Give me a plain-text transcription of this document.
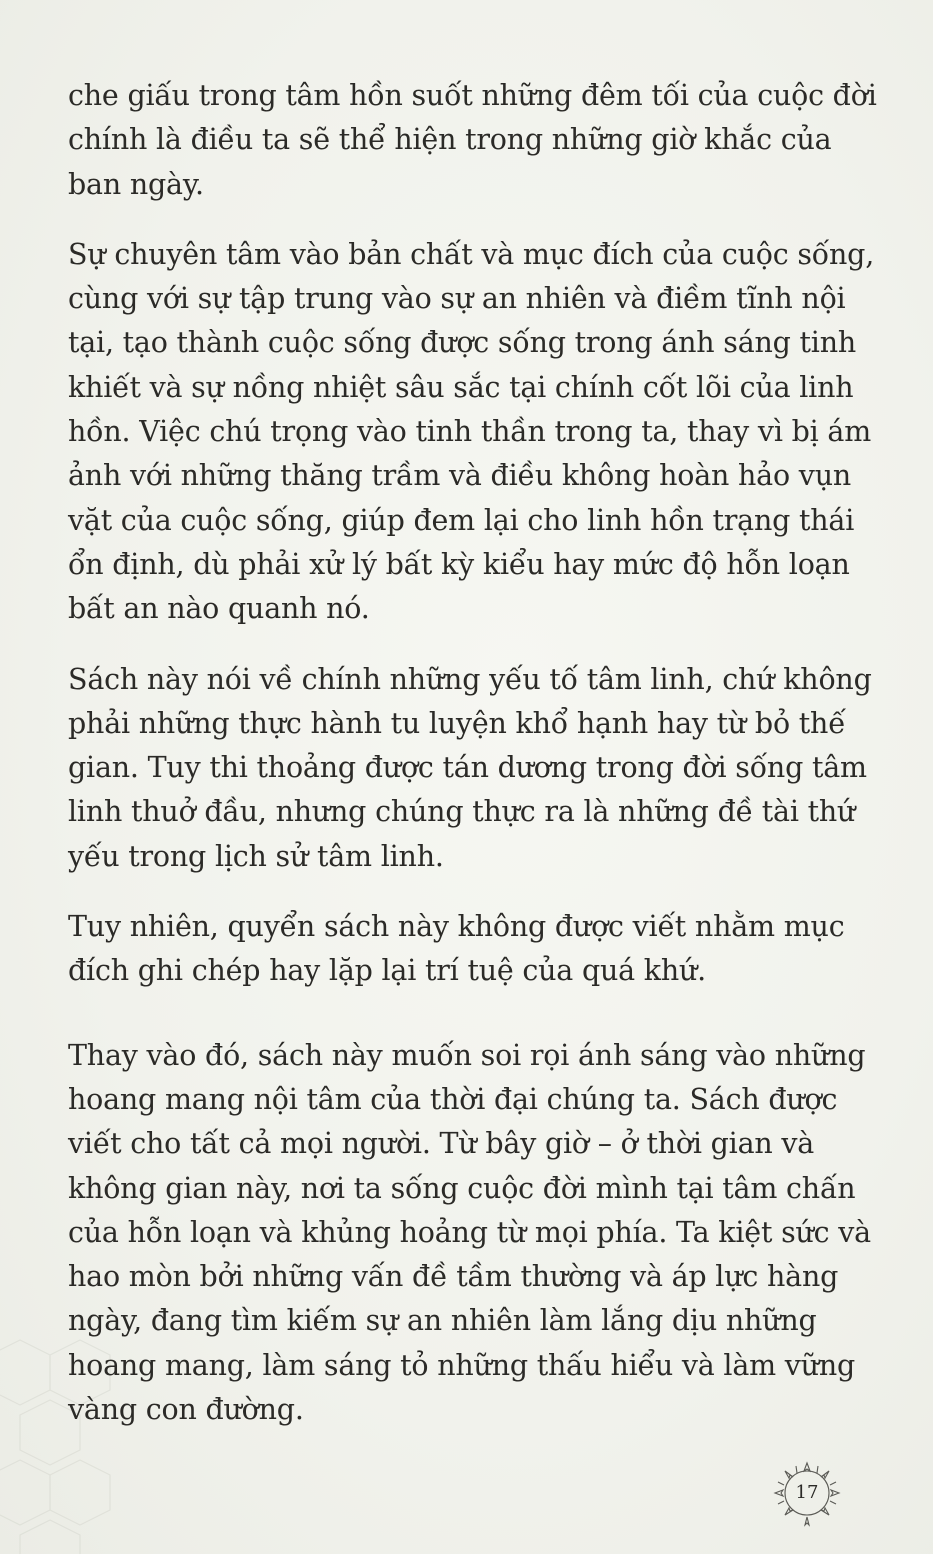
che giấu trong tâm hồn suốt những đêm tối của cuộc đời
chính là điều ta sẽ thể hiện trong những giờ khắc của
ban ngày.

Sự chuyên tâm vào bản chất và mục đích của cuộc sống,
cùng với sự tập trung vào sự an nhiên và điềm tĩnh nội
tại, tạo thành cuộc sống được sống trong ánh sáng tinh
khiết và sự nồng nhiệt sâu sắc tại chính cốt lõi của linh
hồn. Việc chú trọng vào tinh thần trong ta, thay vì bị ám
ảnh với những thăng trầm và điều không hoàn hảo vụn
vặt của cuộc sống, giúp đem lại cho linh hồn trạng thái
ổn định, dù phải xử lý bất kỳ kiểu hay mức độ hỗn loạn
bất an nào quanh nó.

Sách này nói về chính những yếu tố tâm linh, chứ không
phải những thực hành tu luyện khổ hạnh hay từ bỏ thế
gian. Tuy thi thoảng được tán dương trong đời sống tâm
linh thuở đầu, nhưng chúng thực ra là những đề tài thứ
yếu trong lịch sử tâm linh.

Tuy nhiên, quyển sách này không được viết nhằm mục
đích ghi chép hay lặp lại trí tuệ của quá khứ.

Thay vào đó, sách này muốn soi rọi ánh sáng vào những
hoang mang nội tâm của thời đại chúng ta. Sách được
viết cho tất cả mọi người. Từ bây giờ – ở thời gian và
không gian này, nơi ta sống cuộc đời mình tại tâm chấn
của hỗn loạn và khủng hoảng từ mọi phía. Ta kiệt sức và
hao mòn bởi những vấn đề tầm thường và áp lực hàng
ngày, đang tìm kiếm sự an nhiên làm lắng dịu những
hoang mang, làm sáng tỏ những thấu hiểu và làm vững
vàng con đường.

17
